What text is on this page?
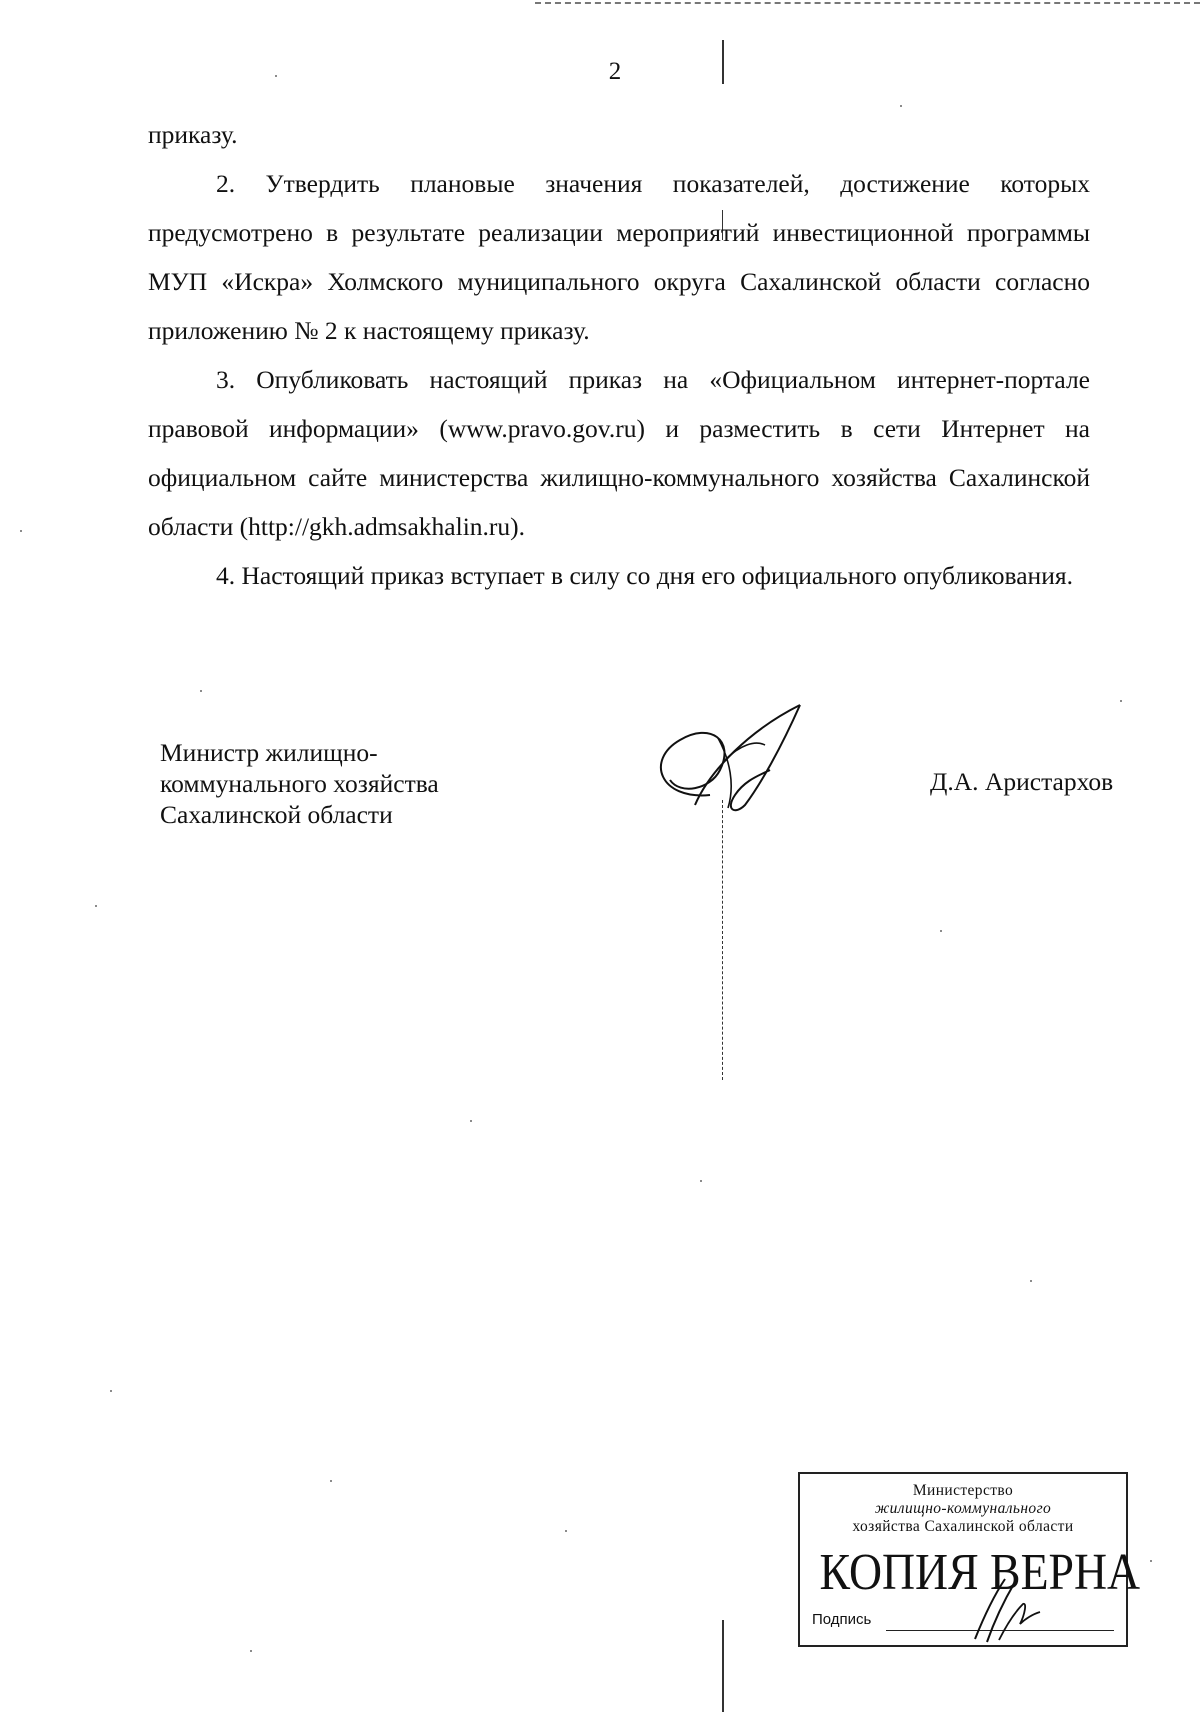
2

приказу.

2. Утвердить плановые значения показателей, достижение которых предусмотрено в результате реализации мероприятий инвестиционной программы МУП «Искра» Холмского муниципального округа Сахалинской области согласно приложению № 2 к настоящему приказу.

3. Опубликовать настоящий приказ на «Официальном интернет-портале правовой информации» (www.pravo.gov.ru) и разместить в сети Интернет на официальном сайте министерства жилищно-коммунального хозяйства Сахалинской области (http://gkh.admsakhalin.ru).

4. Настоящий приказ вступает в силу со дня его официального опубликования.

Министр жилищно-
коммунального хозяйства
Сахалинской области
Д.А. Аристархов
Министерство
жилищно-коммунального
хозяйства Сахалинской области
КОПИЯ ВЕРНА
Подпись
